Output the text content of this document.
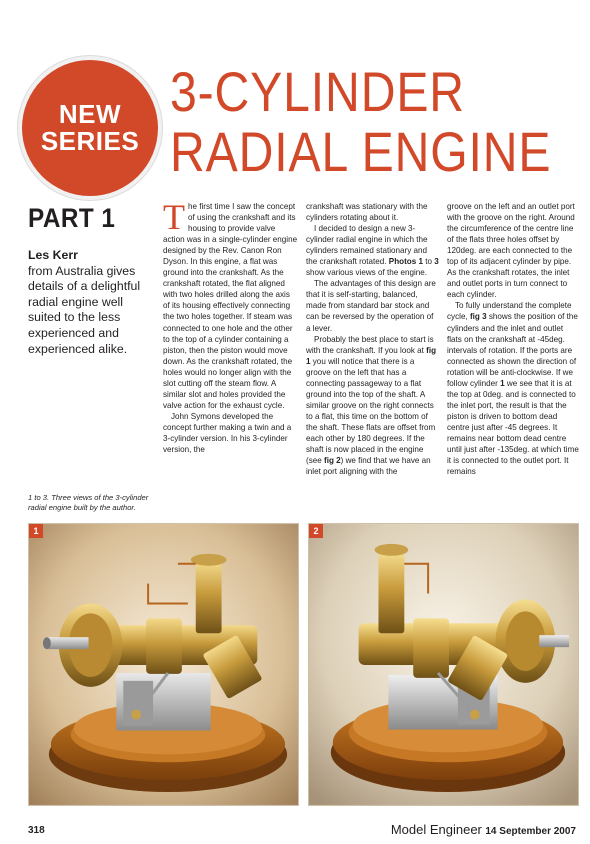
NEW
SERIES
3-CYLINDER
RADIAL ENGINE
PART 1
Les Kerr
from Australia gives details of a delightful radial engine well suited to the less experienced and experienced alike.
1 to 3. Three views of the 3-cylinder radial engine built by the author.

The first time I saw the concept of using the crankshaft and its housing to provide valve action was in a single-cylinder engine designed by the Rev. Canon Ron Dyson. In this engine, a flat was ground into the crankshaft. As the crankshaft rotated, the flat aligned with two holes drilled along the axis of its housing effectively connecting the two holes together. If steam was connected to one hole and the other to the top of a cylinder containing a piston, then the piston would move down. As the crankshaft rotated, the holes would no longer align with the slot cutting off the steam flow. A similar slot and holes provided the valve action for the exhaust cycle.

John Symons developed the concept further making a twin and a 3-cylinder version. In his 3-cylinder version, the

crankshaft was stationary with the cylinders rotating about it.

I decided to design a new 3-cylinder radial engine in which the cylinders remained stationary and the crankshaft rotated. Photos 1 to 3 show various views of the engine.

The advantages of this design are that it is self-starting, balanced, made from standard bar stock and can be reversed by the operation of a lever.

Probably the best place to start is with the crankshaft. If you look at fig 1 you will notice that there is a groove on the left that has a connecting passageway to a flat ground into the top of the shaft. A similar groove on the right connects to a flat, this time on the bottom of the shaft. These flats are offset from each other by 180 degrees. If the shaft is now placed in the engine (see fig 2) we find that we have an inlet port aligning with the

groove on the left and an outlet port with the groove on the right. Around the circumference of the centre line of the flats three holes offset by 120deg. are each connected to the top of its adjacent cylinder by pipe. As the crankshaft rotates, the inlet and outlet ports in turn connect to each cylinder.

To fully understand the complete cycle, fig 3 shows the position of the cylinders and the inlet and outlet flats on the crankshaft at -45deg. intervals of rotation. If the ports are connected as shown the direction of rotation will be anti-clockwise. If we follow cylinder 1 we see that it is at the top at 0deg. and is connected to the inlet port, the result is that the piston is driven to bottom dead centre just after -45 degrees. It remains near bottom dead centre until just after -135deg. at which time it is connected to the outlet port. It remains

1	2
318	Model Engineer 14 September 2007
